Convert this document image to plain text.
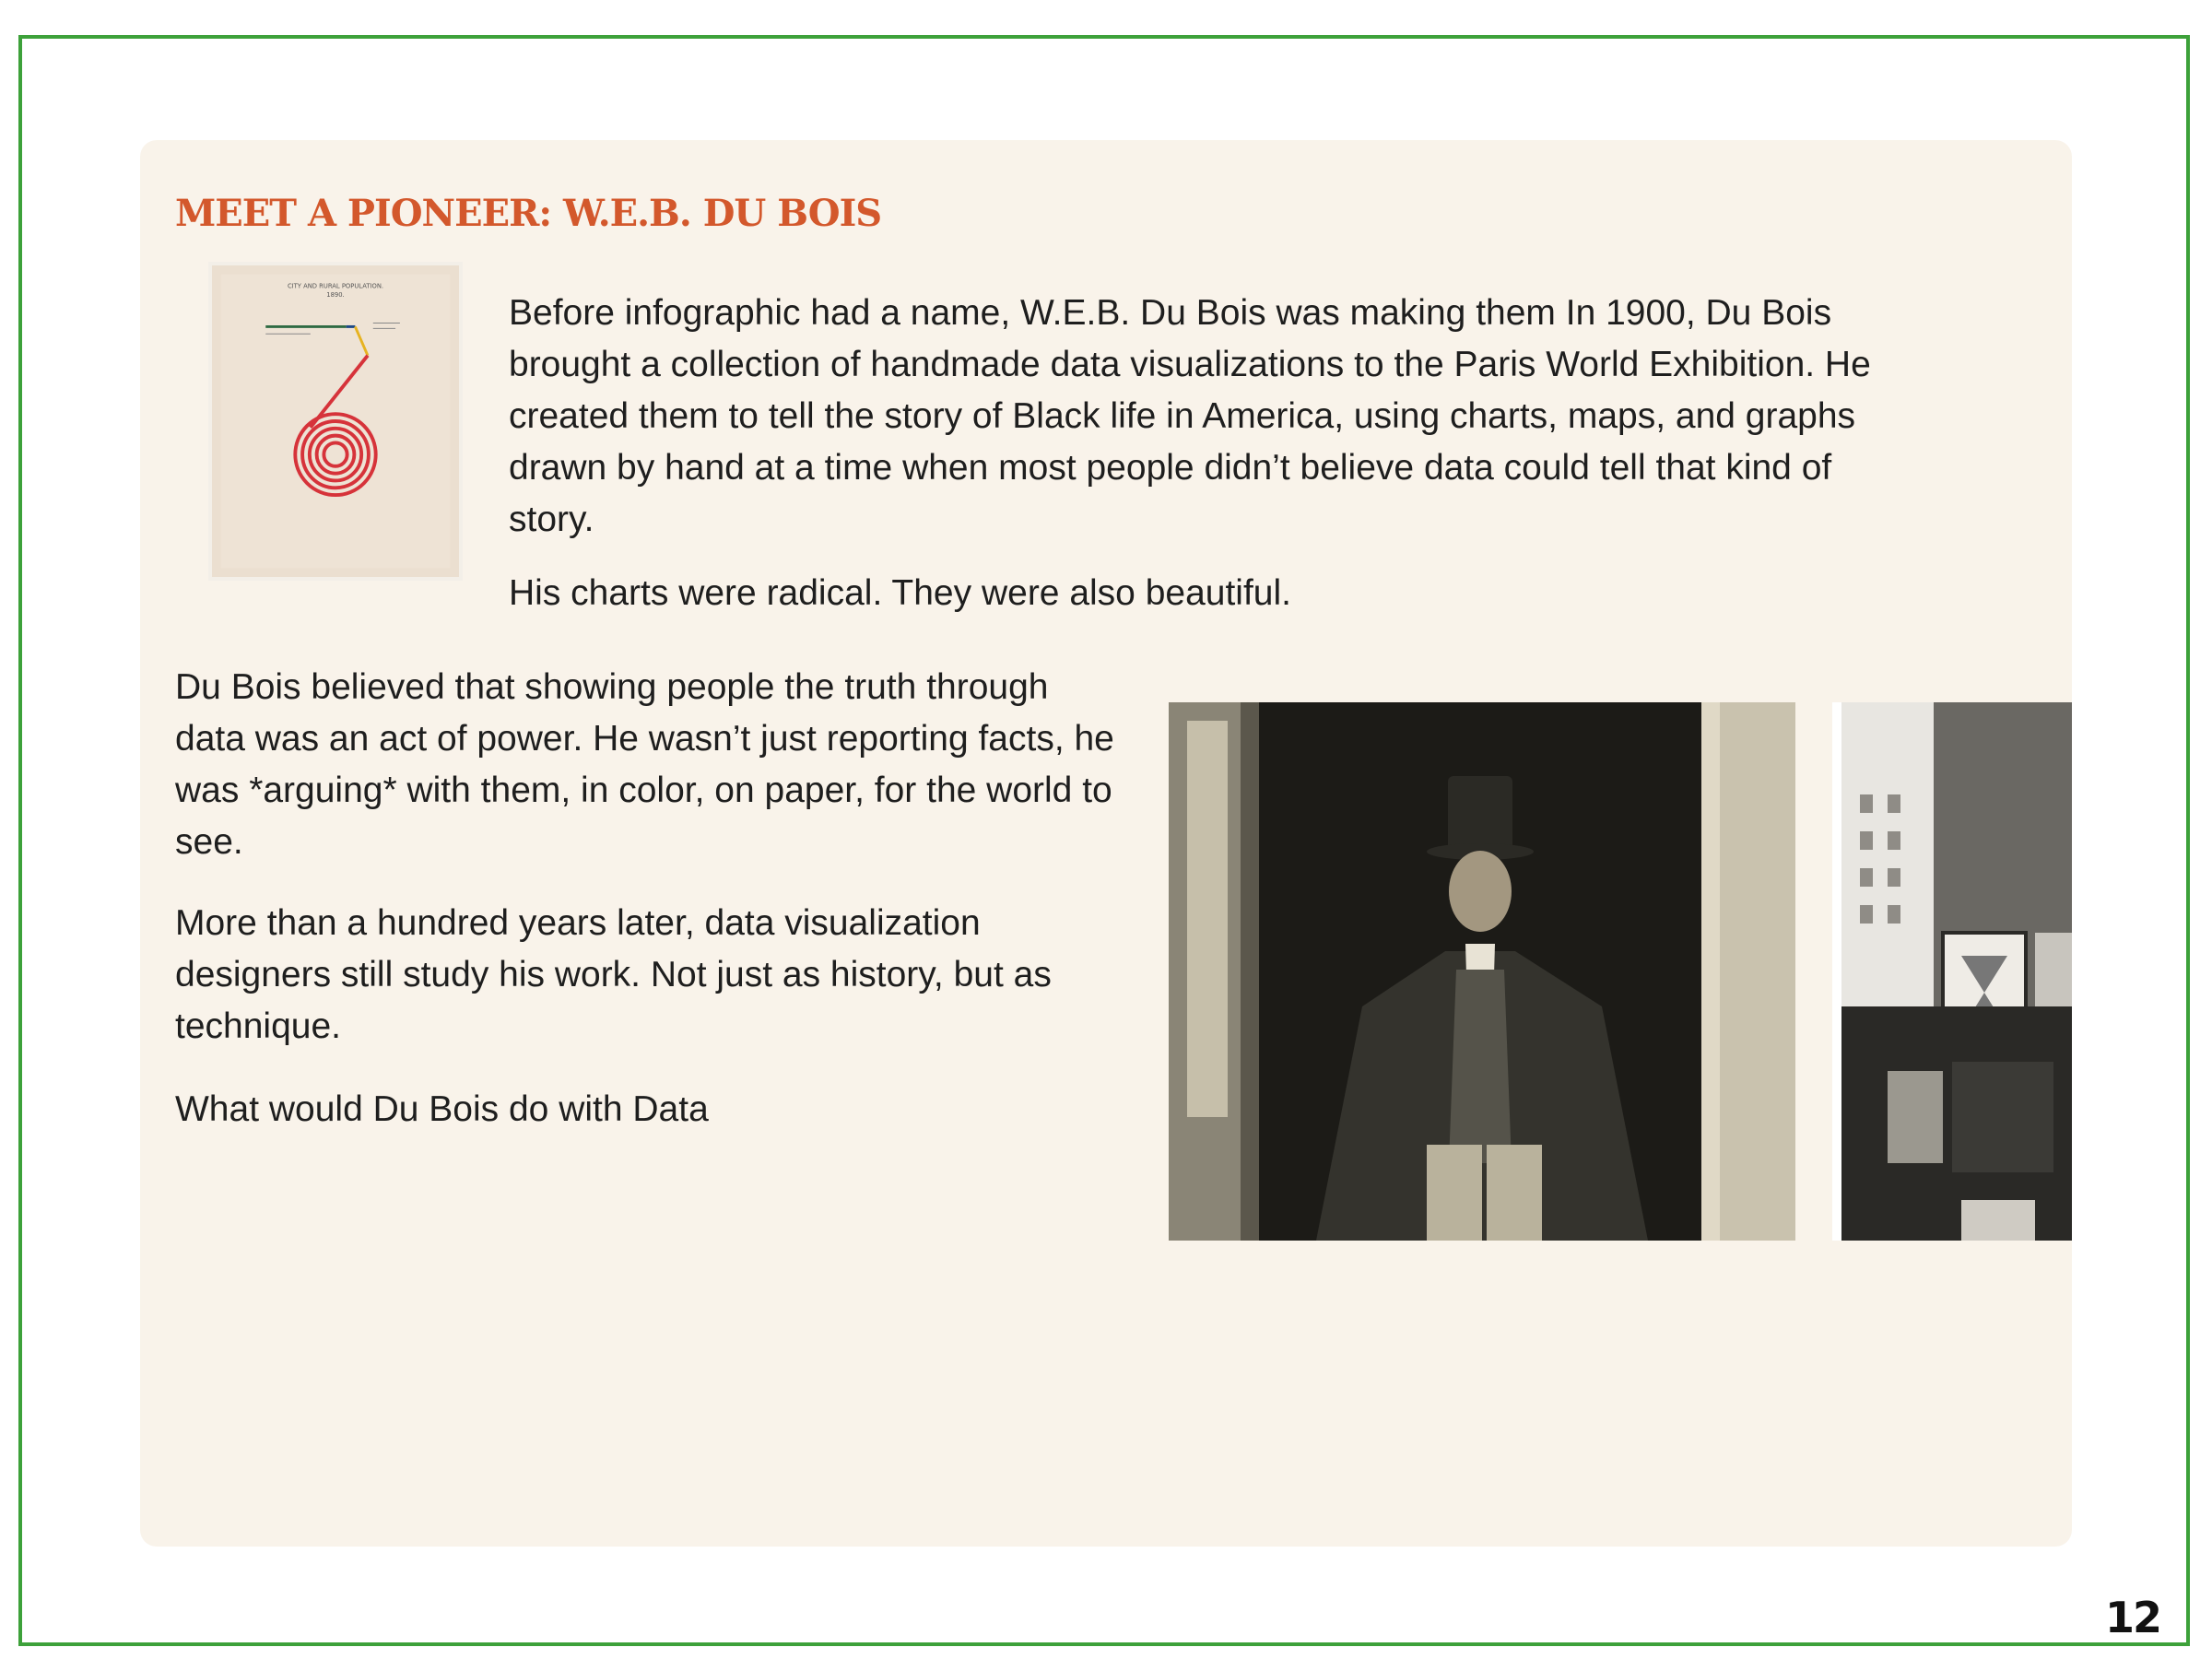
MEET A PIONEER: W.E.B. DU BOIS
CITY AND RURAL POPULATION.
1890.	Before infographic had a name, W.E.B. Du Bois was making them In 1900, Du Bois brought a collection of handmade data visualizations to the Paris World Exhibition. He created them to tell the story of Black life in America, using charts, maps, and graphs drawn by hand at a time when most people didn’t believe data could tell that kind of story.

His charts were radical. They were also beautiful.

Du Bois believed that showing people the truth through data was an act of power. He wasn’t just reporting facts, he was *arguing* with them, in color, on paper, for the world to see.

More than a hundred years later, data visualization designers still study his work. Not just as history, but as technique.

What would Du Bois do with Data

12
